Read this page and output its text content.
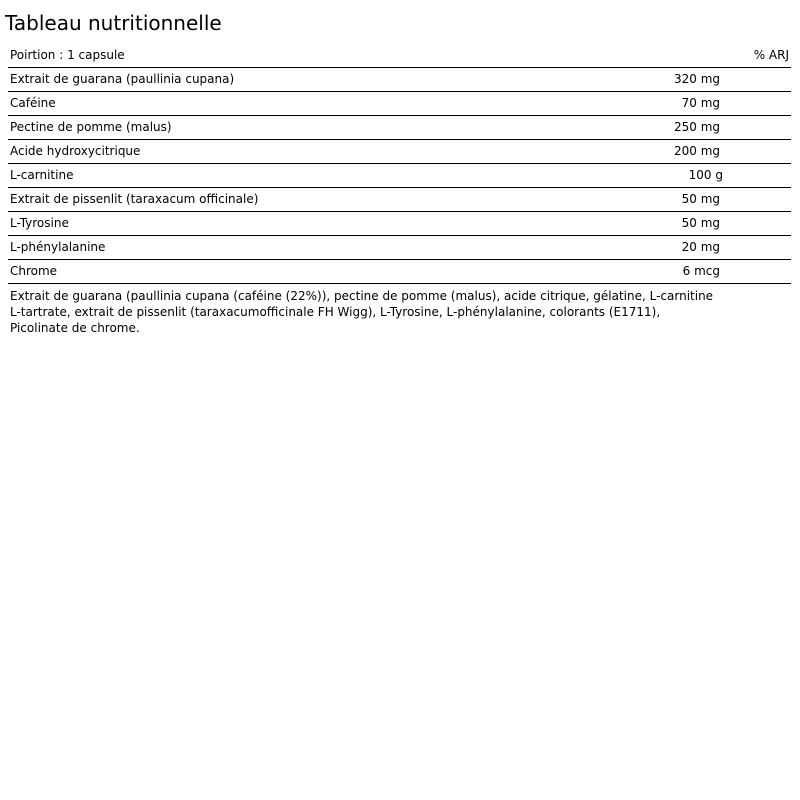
Tableau nutritionnelle
Poirtion : 1 capsule	% ARJ
Extrait de guarana (paullinia cupana)	320 mg
Caféine	70 mg
Pectine de pomme (malus)	250 mg
Acide hydroxycitrique	200 mg
L-carnitine	100 g
Extrait de pissenlit (taraxacum officinale)	50 mg
L-Tyrosine	50 mg
L-phénylalanine	20 mg
Chrome	6 mcg

Extrait de guarana (paullinia cupana (caféine (22%)), pectine de pomme (malus), acide citrique, gélatine, L-carnitine
L-tartrate, extrait de pissenlit (taraxacumofficinale FH Wigg), L-Tyrosine, L-phénylalanine, colorants (E1711),
Picolinate de chrome.
